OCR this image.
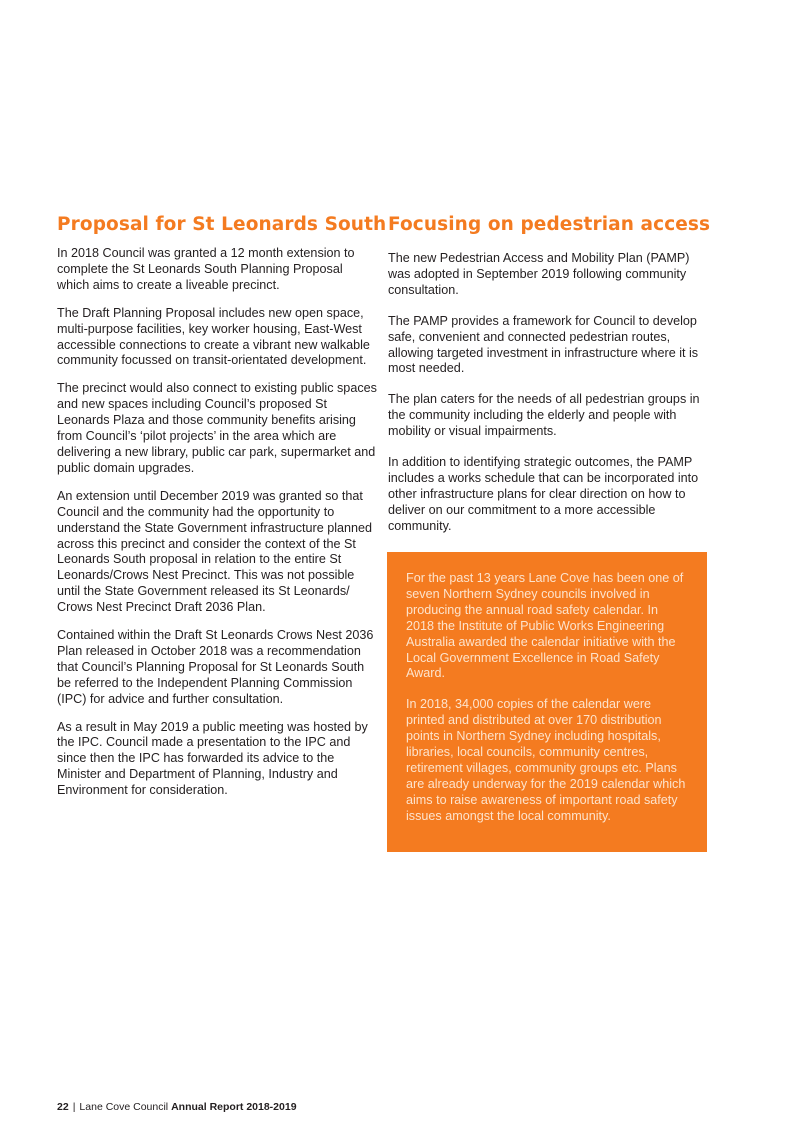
Proposal for St Leonards South

In 2018 Council was granted a 12 month extension to complete the St Leonards South Planning Proposal which aims to create a liveable precinct.

The Draft Planning Proposal includes new open space, multi-purpose facilities, key worker housing, East-West accessible connections to create a vibrant new walkable community focussed on transit-orientated development.

The precinct would also connect to existing public spaces and new spaces including Council’s proposed St Leonards Plaza and those community benefits arising from Council’s ‘pilot projects’ in the area which are delivering a new library, public car park, supermarket and public domain upgrades.

An extension until December 2019 was granted so that Council and the community had the opportunity to understand the State Government infrastructure planned across this precinct and consider the context of the St Leonards South proposal in relation to the entire St Leonards/Crows Nest Precinct. This was not possible until the State Government released its St Leonards/ Crows Nest Precinct Draft 2036 Plan.

Contained within the Draft St Leonards Crows Nest 2036 Plan released in October 2018 was a recommendation that Council’s Planning Proposal for St Leonards South be referred to the Independent Planning Commission (IPC) for advice and further consultation.

As a result in May 2019 a public meeting was hosted by the IPC. Council made a presentation to the IPC and since then the IPC has forwarded its advice to the Minister and Department of Planning, Industry and Environment for consideration.

Focusing on pedestrian access

The new Pedestrian Access and Mobility Plan (PAMP) was adopted in September 2019 following community consultation.

The PAMP provides a framework for Council to develop safe, convenient and connected pedestrian routes, allowing targeted investment in infrastructure where it is most needed.

The plan caters for the needs of all pedestrian groups in the community including the elderly and people with mobility or visual impairments.

In addition to identifying strategic outcomes, the PAMP includes a works schedule that can be incorporated into other infrastructure plans for clear direction on how to deliver on our commitment to a more accessible community.

For the past 13 years Lane Cove has been one of seven Northern Sydney councils involved in producing the annual road safety calendar. In 2018 the Institute of Public Works Engineering Australia awarded the calendar initiative with the Local Government Excellence in Road Safety Award.

In 2018, 34,000 copies of the calendar were printed and distributed at over 170 distribution points in Northern Sydney including hospitals, libraries, local councils, community centres, retirement villages, community groups etc. Plans are already underway for the 2019 calendar which aims to raise awareness of important road safety issues amongst the local community.

22 | Lane Cove Council Annual Report 2018-2019
